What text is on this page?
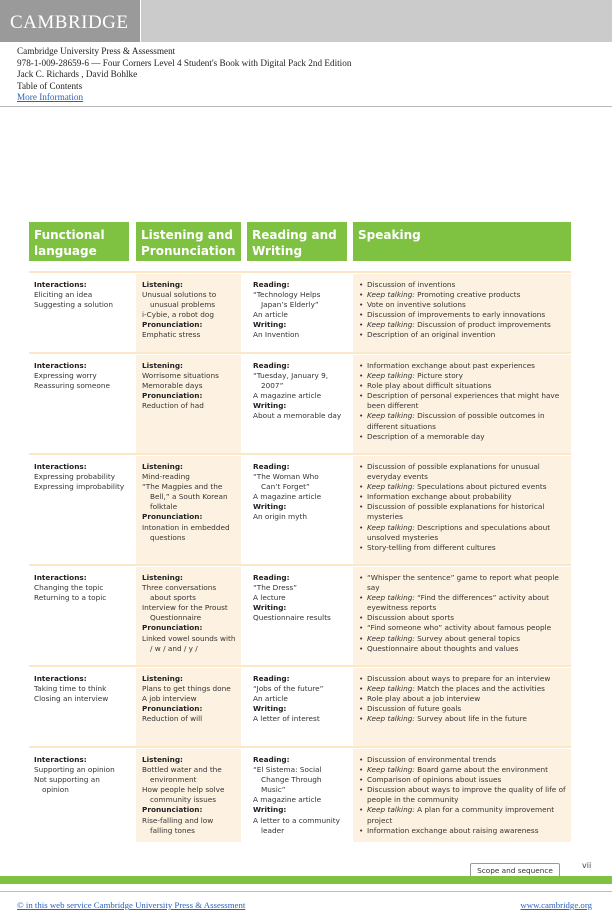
CAMBRIDGE
Cambridge University Press & Assessment
978-1-009-28659-6 — Four Corners Level 4 Student's Book with Digital Pack 2nd Edition
Jack C. Richards , David Bohlke
Table of Contents
More Information
Functional language
Listening and Pronunciation
Reading and Writing
Speaking
Interactions:
Eliciting an idea
Suggesting a solution
Listening:
Unusual solutions to
unusual problems
i-Cybie, a robot dog
Pronunciation:
Emphatic stress
Reading:
“Technology Helps
Japan’s Elderly”
An article
Writing:
An Invention
• Discussion of inventions
• Keep talking: Promoting creative products
• Vote on inventive solutions
• Discussion of improvements to early innovations
• Keep talking: Discussion of product improvements
• Description of an original invention
Interactions:
Expressing worry
Reassuring someone
Listening:
Worrisome situations
Memorable days
Pronunciation:
Reduction of had
Reading:
“Tuesday, January 9,
2007”
A magazine article
Writing:
About a memorable day
• Information exchange about past experiences
• Keep talking: Picture story
• Role play about difficult situations
• Description of personal experiences that might have been different
• Keep talking: Discussion of possible outcomes in different situations
• Description of a memorable day
Interactions:
Expressing probability
Expressing improbability
Listening:
Mind-reading
“The Magpies and the
Bell,” a South Korean
folktale
Pronunciation:
Intonation in embedded
questions
Reading:
“The Woman Who
Can’t Forget”
A magazine article
Writing:
An origin myth
• Discussion of possible explanations for unusual everyday events
• Keep talking: Speculations about pictured events
• Information exchange about probability
• Discussion of possible explanations for historical mysteries
• Keep talking: Descriptions and speculations about unsolved mysteries
• Story-telling from different cultures
Interactions:
Changing the topic
Returning to a topic
Listening:
Three conversations
about sports
Interview for the Proust
Questionnaire
Pronunciation:
Linked vowel sounds with
/ w / and / y /
Reading:
“The Dress”
A lecture
Writing:
Questionnaire results
• “Whisper the sentence” game to report what people say
• Keep talking: “Find the differences” activity about eyewitness reports
• Discussion about sports
• “Find someone who” activity about famous people
• Keep talking: Survey about general topics
• Questionnaire about thoughts and values
Interactions:
Taking time to think
Closing an interview
Listening:
Plans to get things done
A job interview
Pronunciation:
Reduction of will
Reading:
“Jobs of the future”
An article
Writing:
A letter of interest
• Discussion about ways to prepare for an interview
• Keep talking: Match the places and the activities
• Role play about a job interview
• Discussion of future goals
• Keep talking: Survey about life in the future
Interactions:
Supporting an opinion
Not supporting an
opinion
Listening:
Bottled water and the
environment
How people help solve
community issues
Pronunciation:
Rise-falling and low
falling tones
Reading:
“El Sistema: Social
Change Through
Music”
A magazine article
Writing:
A letter to a community
leader
• Discussion of environmental trends
• Keep talking: Board game about the environment
• Comparison of opinions about issues
• Discussion about ways to improve the quality of life of people in the community
• Keep talking: A plan for a community improvement project
• Information exchange about raising awareness
vii
Scope and sequence
© in this web service Cambridge University Press & Assessment	www.cambridge.org
